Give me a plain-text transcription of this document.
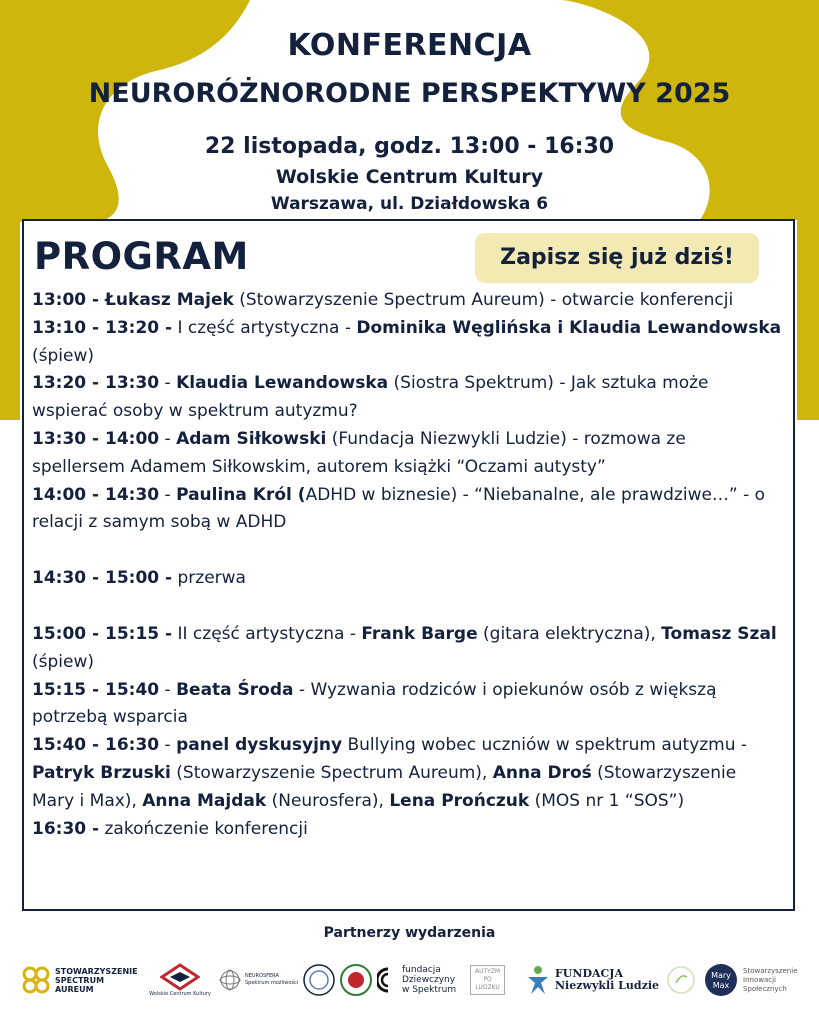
KONFERENCJA
NEURORÓŻNORODNE PERSPEKTYWY 2025
22 listopada, godz. 13:00 - 16:30
Wolskie Centrum Kultury
Warszawa, ul. Działdowska 6
PROGRAM	Zapisz się już dziś!
13:00 - Łukasz Majek (Stowarzyszenie Spectrum Aureum) - otwarcie konferencji
13:10 - 13:20 - I część artystyczna - Dominika Węglińska i Klaudia Lewandowska (śpiew)
13:20 - 13:30 - Klaudia Lewandowska (Siostra Spektrum) - Jak sztuka może wspierać osoby w spektrum autyzmu?
13:30 - 14:00 - Adam Siłkowski (Fundacja Niezwykli Ludzie) - rozmowa ze spellersem Adamem Siłkowskim, autorem książki “Oczami autysty”
14:00 - 14:30 - Paulina Król (ADHD w biznesie) - “Niebanalne, ale prawdziwe…” - o relacji z samym sobą w ADHD
14:30 - 15:00 - przerwa
15:00 - 15:15 - II część artystyczna - Frank Barge (gitara elektryczna), Tomasz Szal (śpiew)
15:15 - 15:40 - Beata Środa - Wyzwania rodziców i opiekunów osób z większą potrzebą wsparcia
15:40 - 16:30 - panel dyskusyjny Bullying wobec uczniów w spektrum autyzmu - Patryk Brzuski (Stowarzyszenie Spectrum Aureum), Anna Droś (Stowarzyszenie Mary i Max), Anna Majdak (Neurosfera), Lena Prończuk (MOS nr 1 “SOS”)
16:30 - zakończenie konferencji
Partnerzy wydarzenia
STOWARZYSZENIE
SPECTRUM
AUREUM
Wolskie Centrum Kultury
NEUROSFERA
Spektrum możliwości
fundacja
Dziewczyny
w Spektrum
AUTYZM
PO
LUDZKU
FUNDACJA
Niezwykli Ludzie
Mary
Max
Stowarzyszenie
Innowacji
Społecznych
